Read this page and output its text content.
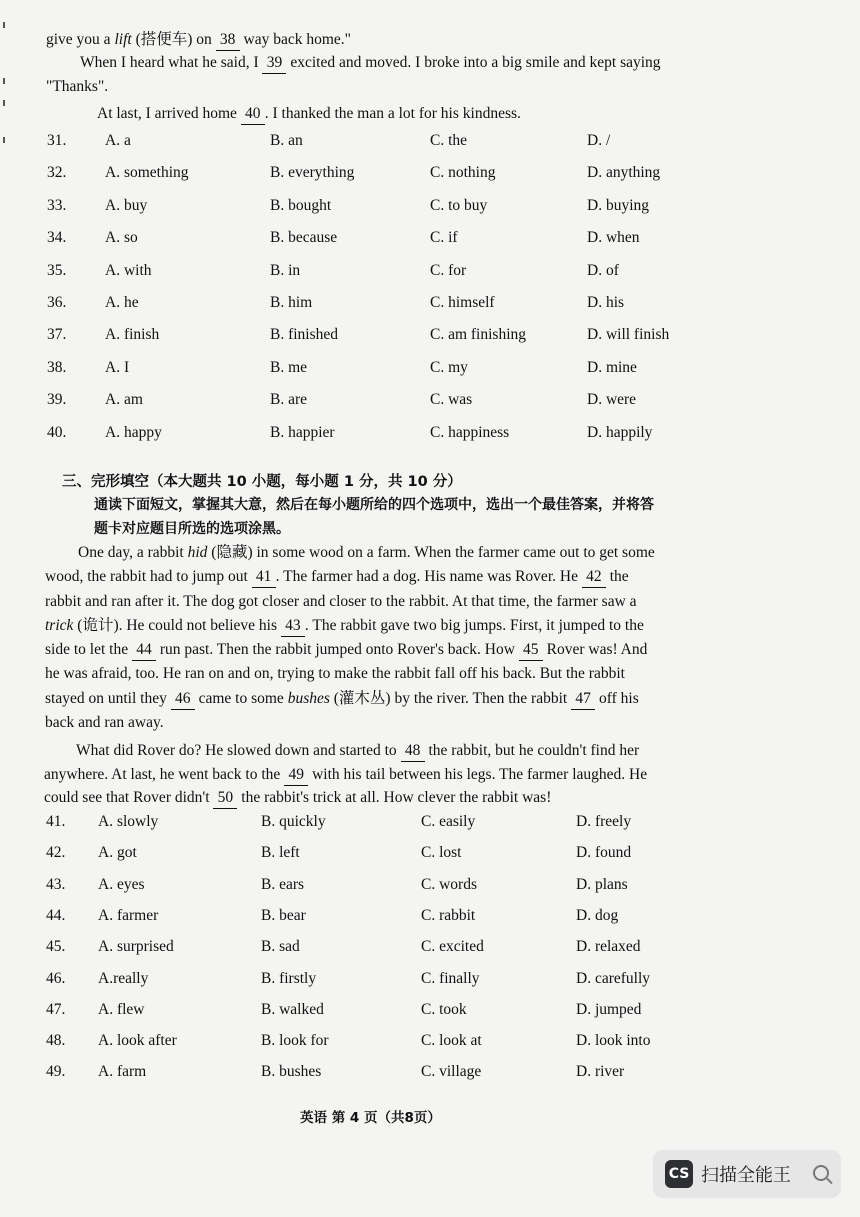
give you a lift (搭便车) on 38 way back home."
When I heard what he said, I 39 excited and moved. I broke into a big smile and kept saying
"Thanks".
At last, I arrived home 40 . I thanked the man a lot for his kindness.
31. A. a	B. an	C. the	D. /
32. A. something	B. everything	C. nothing	D. anything
33. A. buy	B. bought	C. to buy	D. buying
34. A. so	B. because	C. if	D. when
35. A. with	B. in	C. for	D. of
36. A. he	B. him	C. himself	D. his
37. A. finish	B. finished	C. am finishing	D. will finish
38. A. I	B. me	C. my	D. mine
39. A. am	B. are	C. was	D. were
40. A. happy	B. happier	C. happiness	D. happily
三、完形填空（本大题共 10 小题，每小题 1 分，共 10 分）
通读下面短文，掌握其大意，然后在每小题所给的四个选项中，选出一个最佳答案，并将答
题卡对应题目所选的选项涂黑。
One day, a rabbit hid (隐藏) in some wood on a farm. When the farmer came out to get some
wood, the rabbit had to jump out 41 . The farmer had a dog. His name was Rover. He 42 the
rabbit and ran after it. The dog got closer and closer to the rabbit. At that time, the farmer saw a
trick (诡计). He could not believe his 43 . The rabbit gave two big jumps. First, it jumped to the
side to let the 44 run past. Then the rabbit jumped onto Rover's back. How 45 Rover was! And
he was afraid, too. He ran on and on, trying to make the rabbit fall off his back. But the rabbit
stayed on until they 46 came to some bushes (灌木丛) by the river. Then the rabbit 47 off his
back and ran away.
What did Rover do? He slowed down and started to 48 the rabbit, but he couldn't find her
anywhere. At last, he went back to the 49 with his tail between his legs. The farmer laughed. He
could see that Rover didn't 50 the rabbit's trick at all. How clever the rabbit was!
41. A. slowly	B. quickly	C. easily	D. freely
42. A. got	B. left	C. lost	D. found
43. A. eyes	B. ears	C. words	D. plans
44. A. farmer	B. bear	C. rabbit	D. dog
45. A. surprised	B. sad	C. excited	D. relaxed
46. A.really	B. firstly	C. finally	D. carefully
47. A. flew	B. walked	C. took	D. jumped
48. A. look after	B. look for	C. look at	D. look into
49. A. farm	B. bushes	C. village	D. river
英语 第 4 页（共8页）
CS 扫描全能王
